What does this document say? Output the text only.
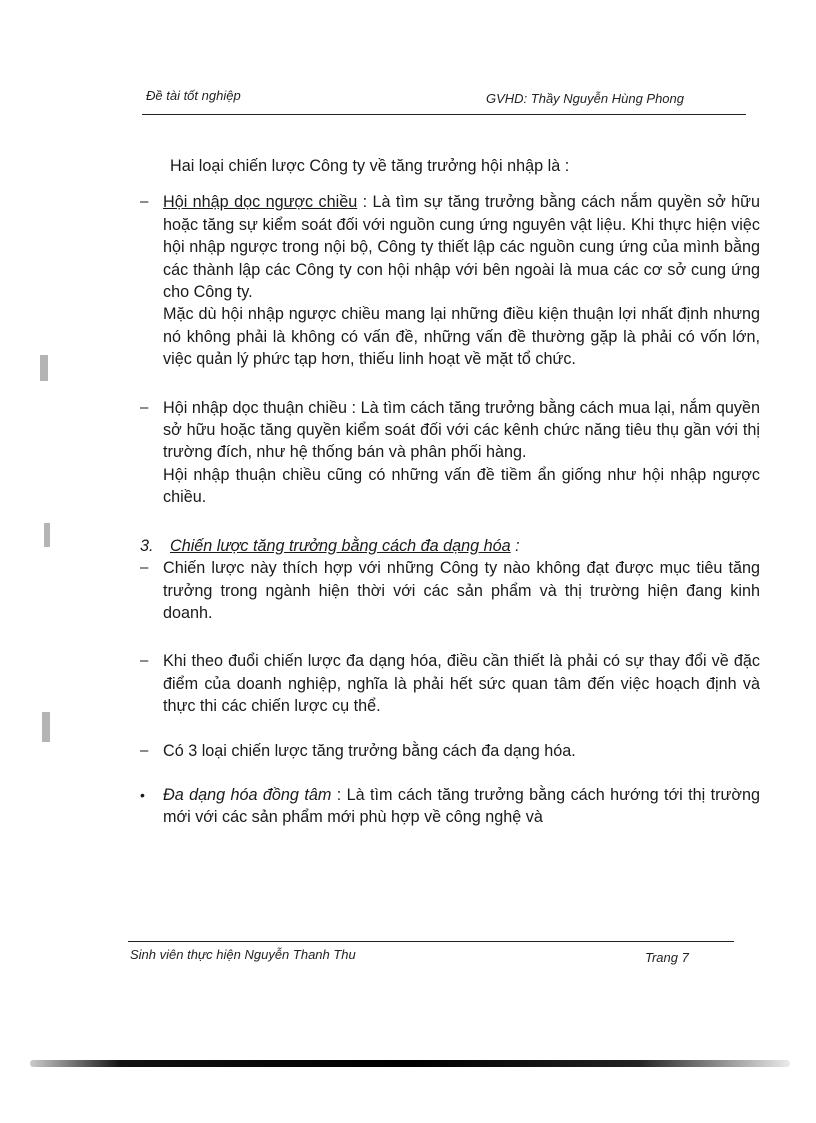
Đề tài tốt nghiệp	GVHD: Thầy Nguyễn Hùng Phong

Hai loại chiến lược Công ty về tăng trưởng hội nhập là :

– Hội nhập dọc ngược chiều : Là tìm sự tăng trưởng bằng cách nắm quyền sở hữu hoặc tăng sự kiểm soát đối với nguồn cung ứng nguyên vật liệu. Khi thực hiện việc hội nhập ngược trong nội bộ, Công ty thiết lập các nguồn cung ứng của mình bằng các thành lập các Công ty con hội nhập với bên ngoài là mua các cơ sở cung ứng cho Công ty.

Mặc dù hội nhập ngược chiều mang lại những điều kiện thuận lợi nhất định nhưng nó không phải là không có vấn đề, những vấn đề thường gặp là phải có vốn lớn, việc quản lý phức tạp hơn, thiếu linh hoạt về mặt tổ chức.

– Hội nhập dọc thuận chiều : Là tìm cách tăng trưởng bằng cách mua lại, nắm quyền sở hữu hoặc tăng quyền kiểm soát đối với các kênh chức năng tiêu thụ gần với thị trường đích, như hệ thống bán và phân phối hàng.

Hội nhập thuận chiều cũng có những vấn đề tiềm ẩn giống như hội nhập ngược chiều.

3. Chiến lược tăng trưởng bằng cách đa dạng hóa :

– Chiến lược này thích hợp với những Công ty nào không đạt được mục tiêu tăng trưởng trong ngành hiện thời với các sản phẩm và thị trường hiện đang kinh doanh.

– Khi theo đuổi chiến lược đa dạng hóa, điều cần thiết là phải có sự thay đổi về đặc điểm của doanh nghiệp, nghĩa là phải hết sức quan tâm đến việc hoạch định và thực thi các chiến lược cụ thể.

– Có 3 loại chiến lược tăng trưởng bằng cách đa dạng hóa.

• Đa dạng hóa đồng tâm : Là tìm cách tăng trưởng bằng cách hướng tới thị trường mới với các sản phẩm mới phù hợp về công nghệ và

Sinh viên thực hiện Nguyễn Thanh Thu	Trang 7
